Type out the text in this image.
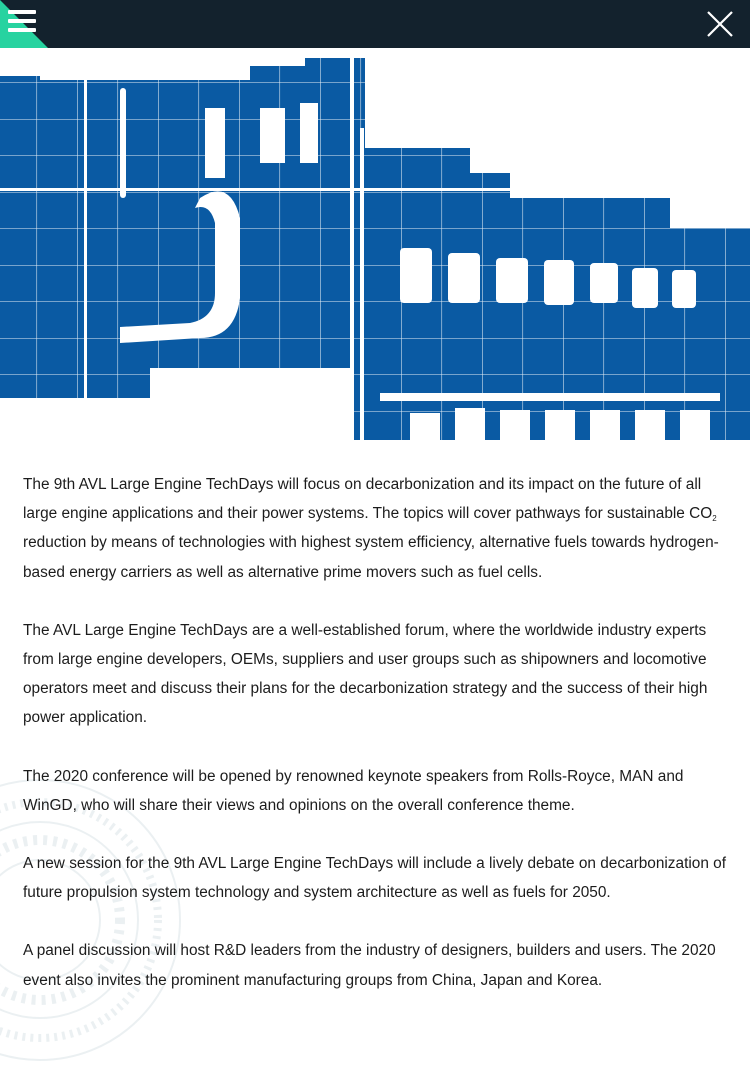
The 9th AVL Large Engine TechDays will focus on decarbonization and its impact on the future of all large engine applications and their power systems. The topics will cover pathways for sustainable $CO_2$ reduction by means of technologies with highest system efficiency, alternative fuels towards hydrogen-based energy carriers as well as alternative prime movers such as fuel cells.

The AVL Large Engine TechDays are a well-established forum, where the worldwide industry experts from large engine developers, OEMs, suppliers and user groups such as shipowners and locomotive operators meet and discuss their plans for the decarbonization strategy and the success of their high power application.

The 2020 conference will be opened by renowned keynote speakers from Rolls-Royce, MAN and WinGD, who will share their views and opinions on the overall conference theme.

A new session for the 9th AVL Large Engine TechDays will include a lively debate on decarbonization of future propulsion system technology and system architecture as well as fuels for 2050.

A panel discussion will host R&D leaders from the industry of designers, builders and users. The 2020 event also invites the prominent manufacturing groups from China, Japan and Korea.
